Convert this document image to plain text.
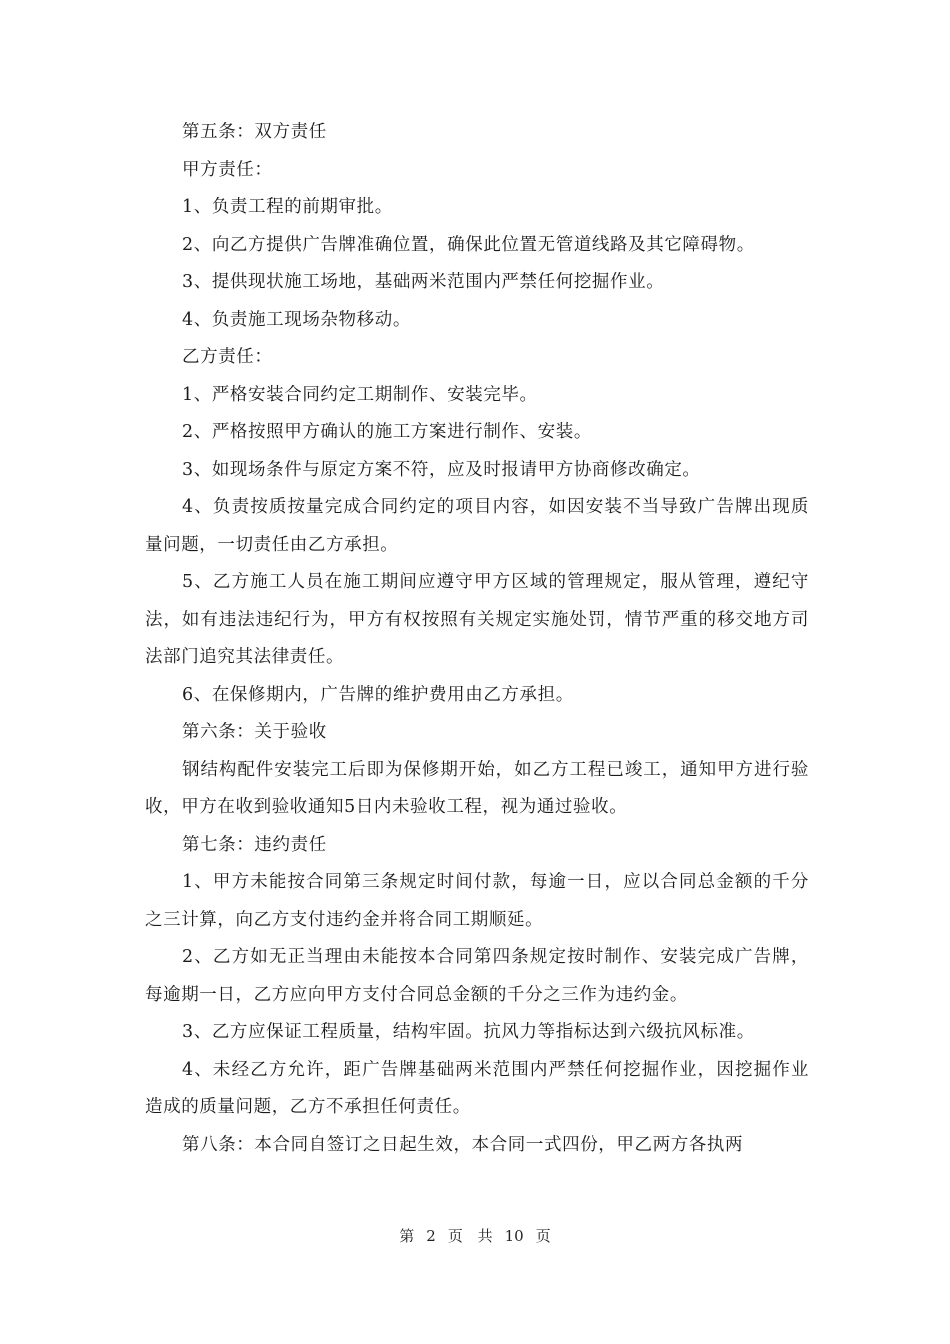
第五条：双方责任

甲方责任：

1、负责工程的前期审批。

2、向乙方提供广告牌准确位置，确保此位置无管道线路及其它障碍物。

3、提供现状施工场地，基础两米范围内严禁任何挖掘作业。

4、负责施工现场杂物移动。

乙方责任：

1、严格安装合同约定工期制作、安装完毕。

2、严格按照甲方确认的施工方案进行制作、安装。

3、如现场条件与原定方案不符，应及时报请甲方协商修改确定。

4、负责按质按量完成合同约定的项目内容，如因安装不当导致广告牌出现质量问题，一切责任由乙方承担。

5、乙方施工人员在施工期间应遵守甲方区域的管理规定，服从管理，遵纪守法，如有违法违纪行为，甲方有权按照有关规定实施处罚，情节严重的移交地方司法部门追究其法律责任。

6、在保修期内，广告牌的维护费用由乙方承担。

第六条：关于验收

钢结构配件安装完工后即为保修期开始，如乙方工程已竣工，通知甲方进行验收，甲方在收到验收通知5日内未验收工程，视为通过验收。

第七条：违约责任

1、甲方未能按合同第三条规定时间付款，每逾一日，应以合同总金额的千分之三计算，向乙方支付违约金并将合同工期顺延。

2、乙方如无正当理由未能按本合同第四条规定按时制作、安装完成广告牌，每逾期一日，乙方应向甲方支付合同总金额的千分之三作为违约金。

3、乙方应保证工程质量，结构牢固。抗风力等指标达到六级抗风标准。

4、未经乙方允许，距广告牌基础两米范围内严禁任何挖掘作业，因挖掘作业造成的质量问题，乙方不承担任何责任。

第八条：本合同自签订之日起生效，本合同一式四份，甲乙两方各执两

第 2 页 共 10 页
